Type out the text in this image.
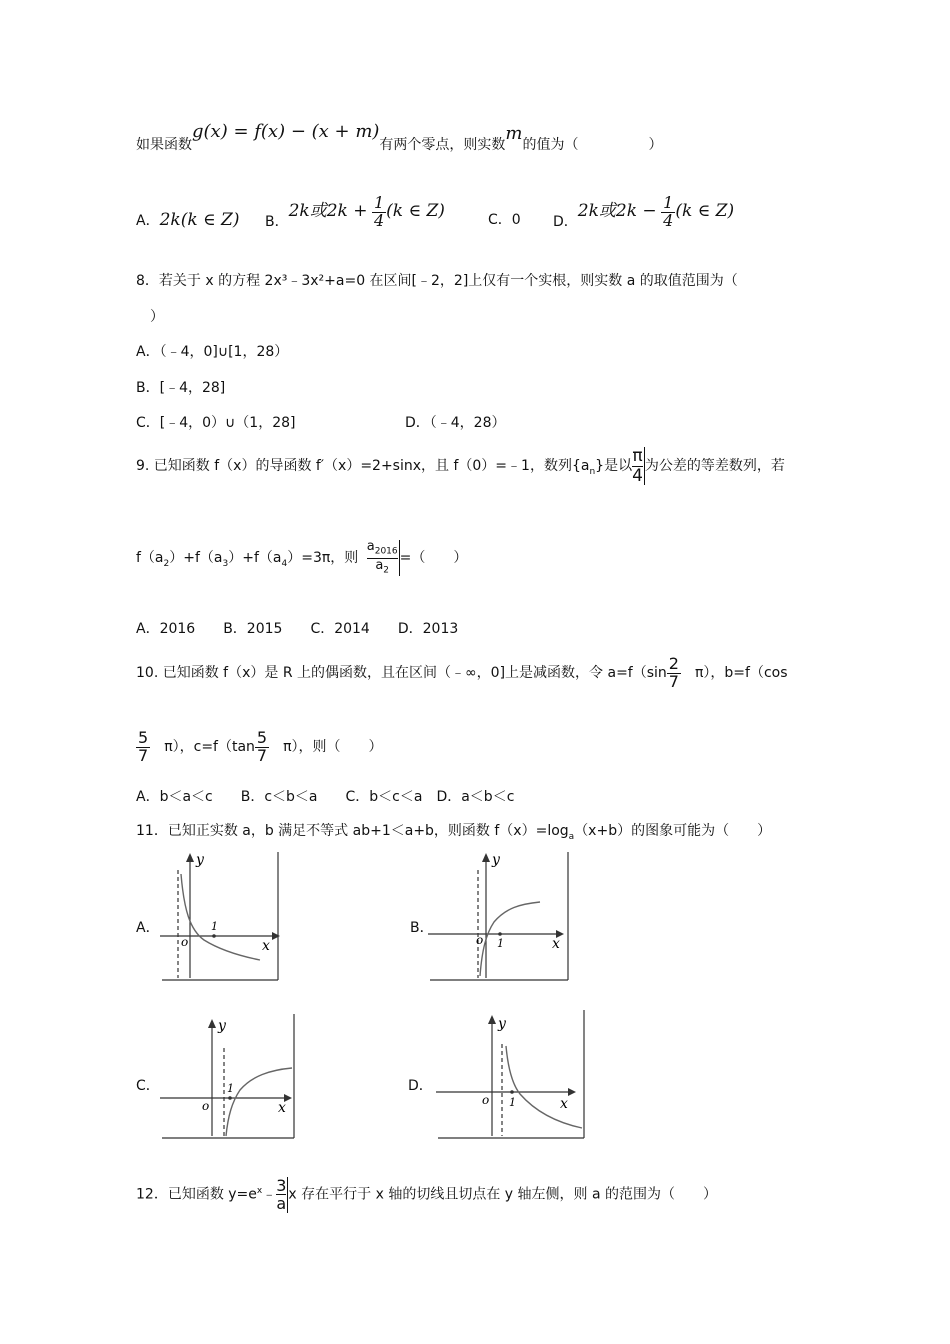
如果函数g(x) = f(x) − (x + m)有两个零点，则实数m的值为（　　　　　）
A．2k(k ∈ Z) B．2k或$2k + \frac{1}{4} (k$ ∈ Z)	C．0 D．2k或$2k - \frac{1}{4} (k$ ∈ Z)
8．若关于 x 的方程 2x³﹣3x²+a=0 在区间[﹣2，2]上仅有一个实根，则实数 a 的取值范围为（
）
A．（﹣4，0]∪[1，28）
B．[﹣4，28]
C．[﹣4，0）∪（1，28]	D．（﹣4，28）
9. 已知函数 f（x）的导函数 f′（x）=2+sinx，且 f（0）=﹣1，数列$\{a_n\}$是以 $\frac{\pi}{4}$ 为公差的等差数列，若
$f(a_2)+f(a_3)+f(a_4)=3\pi$，则 $\frac{a_{2016}}{a_2}$ =（　　）
A．2016　　B．2015　　C．2014　　D．2013
10. 已知函数 f（x）是 R 上的偶函数，且在区间（﹣∞，0]上是减函数，令 $a=f(\sin \frac{2}{7}$
　 π），b=f（cos
$\frac{5}{7}$
　 π），$c=f(\tan \frac{5}{7}$
　 π），则（　　）
A．b＜a＜c　　B．c＜b＜a　　C．b＜c＜a　D．a＜b＜c
11．已知正实数 a，b 满足不等式 ab+1＜a+b，则函数 $f(x)=\log_a(x+b)$的图象可能为（　　）
A．	B．
C．	D．
y
x
o
1
y
x
o 1
y
x
o
1
y
x
o 1
12．已知函数 $y=e^x﹣ \frac{3}{a}$ x 存在平行于 x 轴的切线且切点在 y 轴左侧，则 a 的范围为（　　）
